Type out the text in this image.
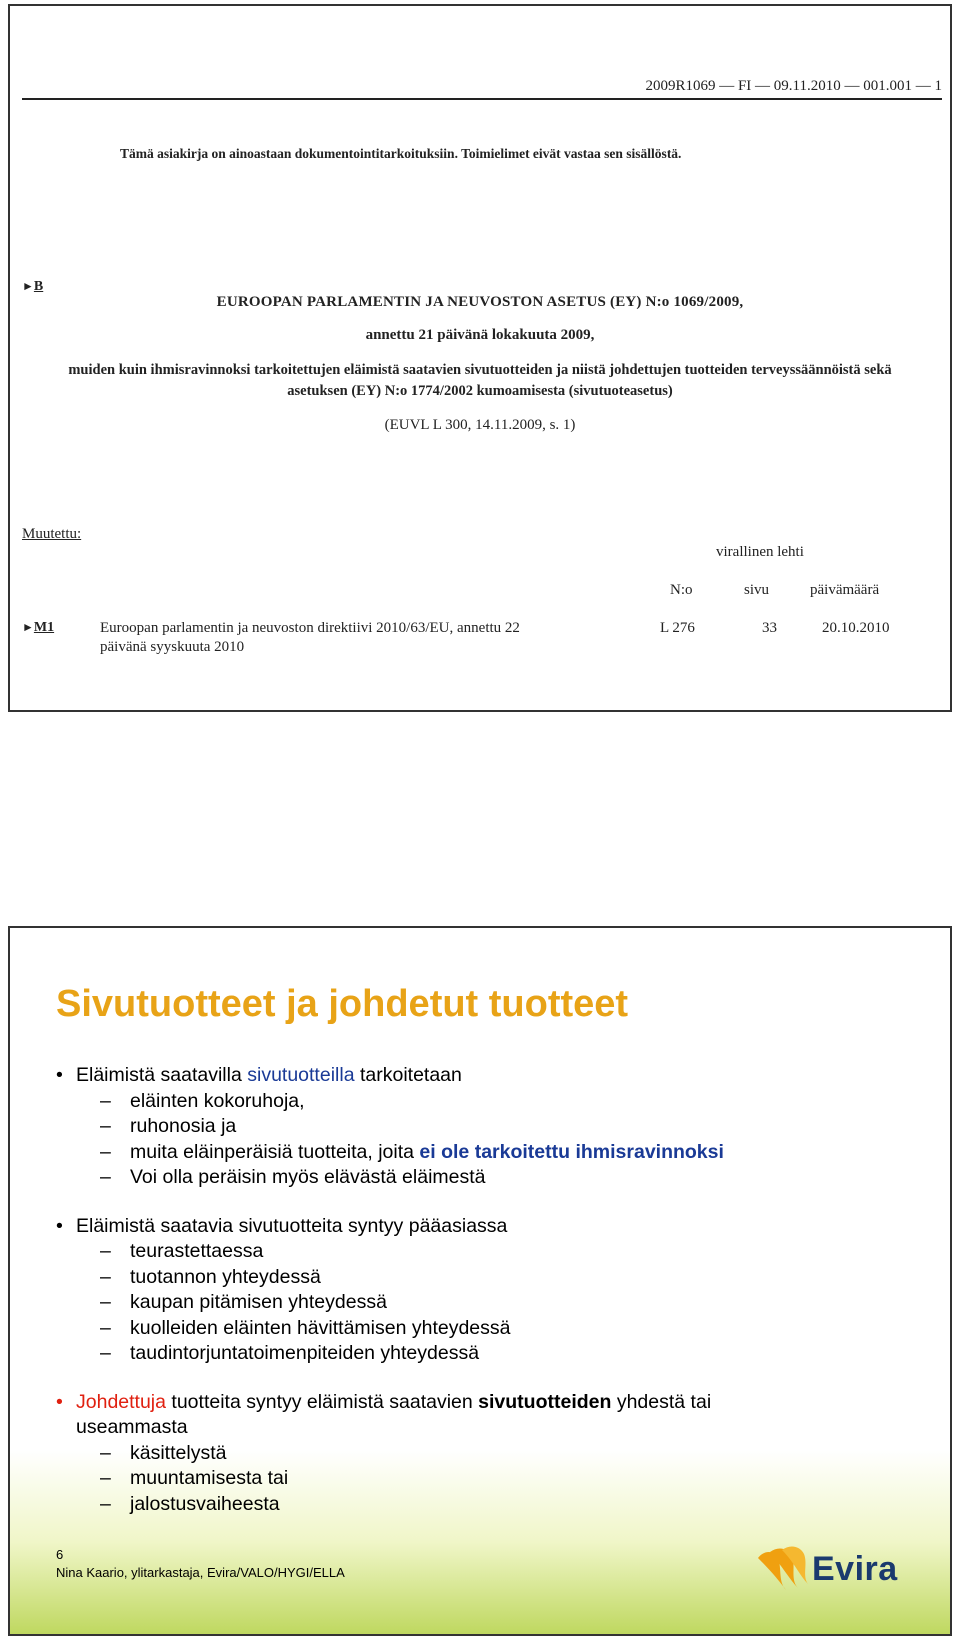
2009R1069 — FI — 09.11.2010 — 001.001 — 1
Tämä asiakirja on ainoastaan dokumentointitarkoituksiin. Toimielimet eivät vastaa sen sisällöstä.
►B
EUROOPAN PARLAMENTIN JA NEUVOSTON ASETUS (EY) N:o 1069/2009,
annettu 21 päivänä lokakuuta 2009,
muiden kuin ihmisravinnoksi tarkoitettujen eläimistä saatavien sivutuotteiden ja niistä johdettujen tuotteiden terveyssäännöistä sekä asetuksen (EY) N:o 1774/2002 kumoamisesta (sivutuoteasetus)
(EUVL L 300, 14.11.2009, s. 1)
Muutettu:
virallinen lehti
N:o	sivu	päivämäärä
►M1	Euroopan parlamentin ja neuvoston direktiivi 2010/63/EU, annettu 22
päivänä syyskuuta 2010
L 276	33	20.10.2010
Sivutuotteet ja johdetut tuotteet
• Eläimistä saatavilla sivutuotteilla tarkoitetaan
– eläinten kokoruhoja,
– ruhonosia ja
– muita eläinperäisiä tuotteita, joita ei ole tarkoitettu ihmisravinnoksi
– Voi olla peräisin myös elävästä eläimestä
• Eläimistä saatavia sivutuotteita syntyy pääasiassa
– teurastettaessa
– tuotannon yhteydessä
– kaupan pitämisen yhteydessä
– kuolleiden eläinten hävittämisen yhteydessä
– taudintorjuntatoimenpiteiden yhteydessä
• Johdettuja tuotteita syntyy eläimistä saatavien sivutuotteiden yhdestä tai
useammasta
– käsittelystä
– muuntamisesta tai
– jalostusvaiheesta
6
Nina Kaario, ylitarkastaja, Evira/VALO/HYGI/ELLA	Evira
